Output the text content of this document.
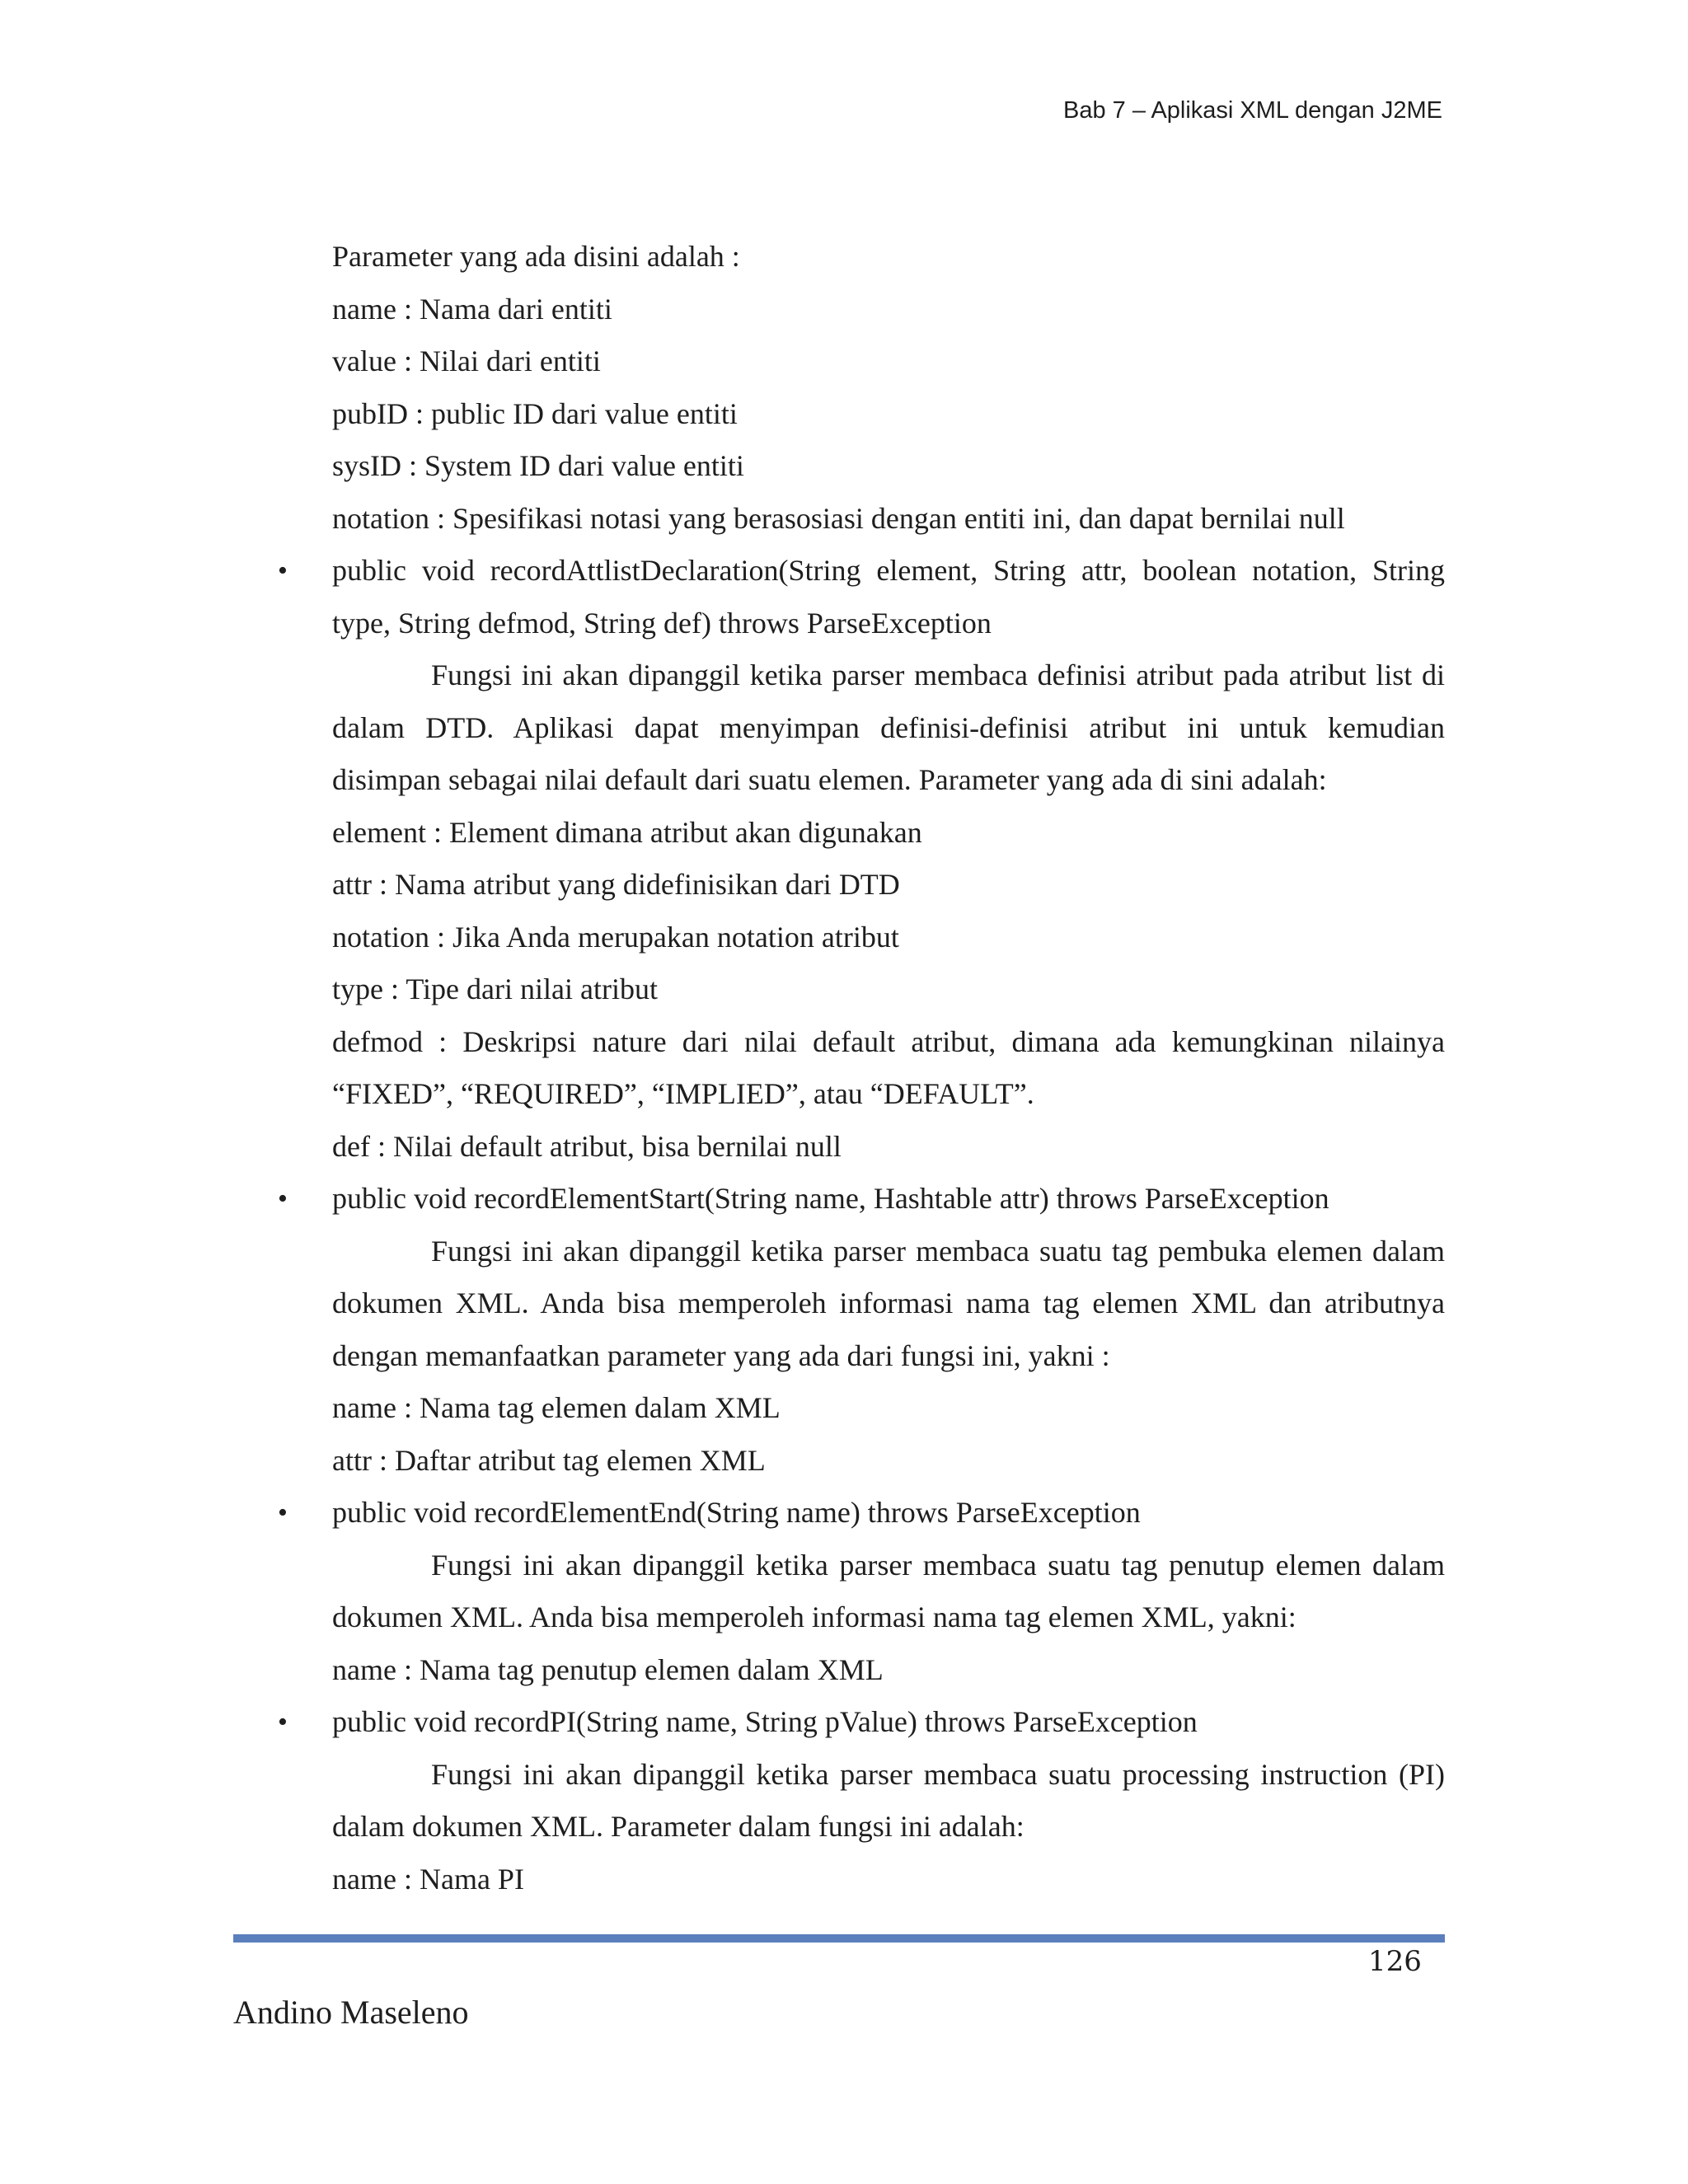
Bab 7 – Aplikasi XML dengan J2ME
Parameter yang ada disini adalah :
name : Nama dari entiti
value : Nilai dari entiti
pubID : public ID dari value entiti
sysID : System ID dari value entiti
notation : Spesifikasi notasi yang berasosiasi dengan entiti ini, dan dapat bernilai null
• public void recordAttlistDeclaration(String element, String attr, boolean notation, String
type, String defmod, String def) throws ParseException
Fungsi ini akan dipanggil ketika parser membaca definisi atribut pada atribut list di
dalam DTD. Aplikasi dapat menyimpan definisi-definisi atribut ini untuk kemudian
disimpan sebagai nilai default dari suatu elemen. Parameter yang ada di sini adalah:
element : Element dimana atribut akan digunakan
attr : Nama atribut yang didefinisikan dari DTD
notation : Jika Anda merupakan notation atribut
type : Tipe dari nilai atribut
defmod : Deskripsi nature dari nilai default atribut, dimana ada kemungkinan nilainya
“FIXED”, “REQUIRED”, “IMPLIED”, atau “DEFAULT”.
def : Nilai default atribut, bisa bernilai null
• public void recordElementStart(String name, Hashtable attr) throws ParseException
Fungsi ini akan dipanggil ketika parser membaca suatu tag pembuka elemen dalam
dokumen XML. Anda bisa memperoleh informasi nama tag elemen XML dan atributnya
dengan memanfaatkan parameter yang ada dari fungsi ini, yakni :
name : Nama tag elemen dalam XML
attr : Daftar atribut tag elemen XML
• public void recordElementEnd(String name) throws ParseException
Fungsi ini akan dipanggil ketika parser membaca suatu tag penutup elemen dalam
dokumen XML. Anda bisa memperoleh informasi nama tag elemen XML, yakni:
name : Nama tag penutup elemen dalam XML
• public void recordPI(String name, String pValue) throws ParseException
Fungsi ini akan dipanggil ketika parser membaca suatu processing instruction (PI)
dalam dokumen XML. Parameter dalam fungsi ini adalah:
name : Nama PI
126
Andino Maseleno
